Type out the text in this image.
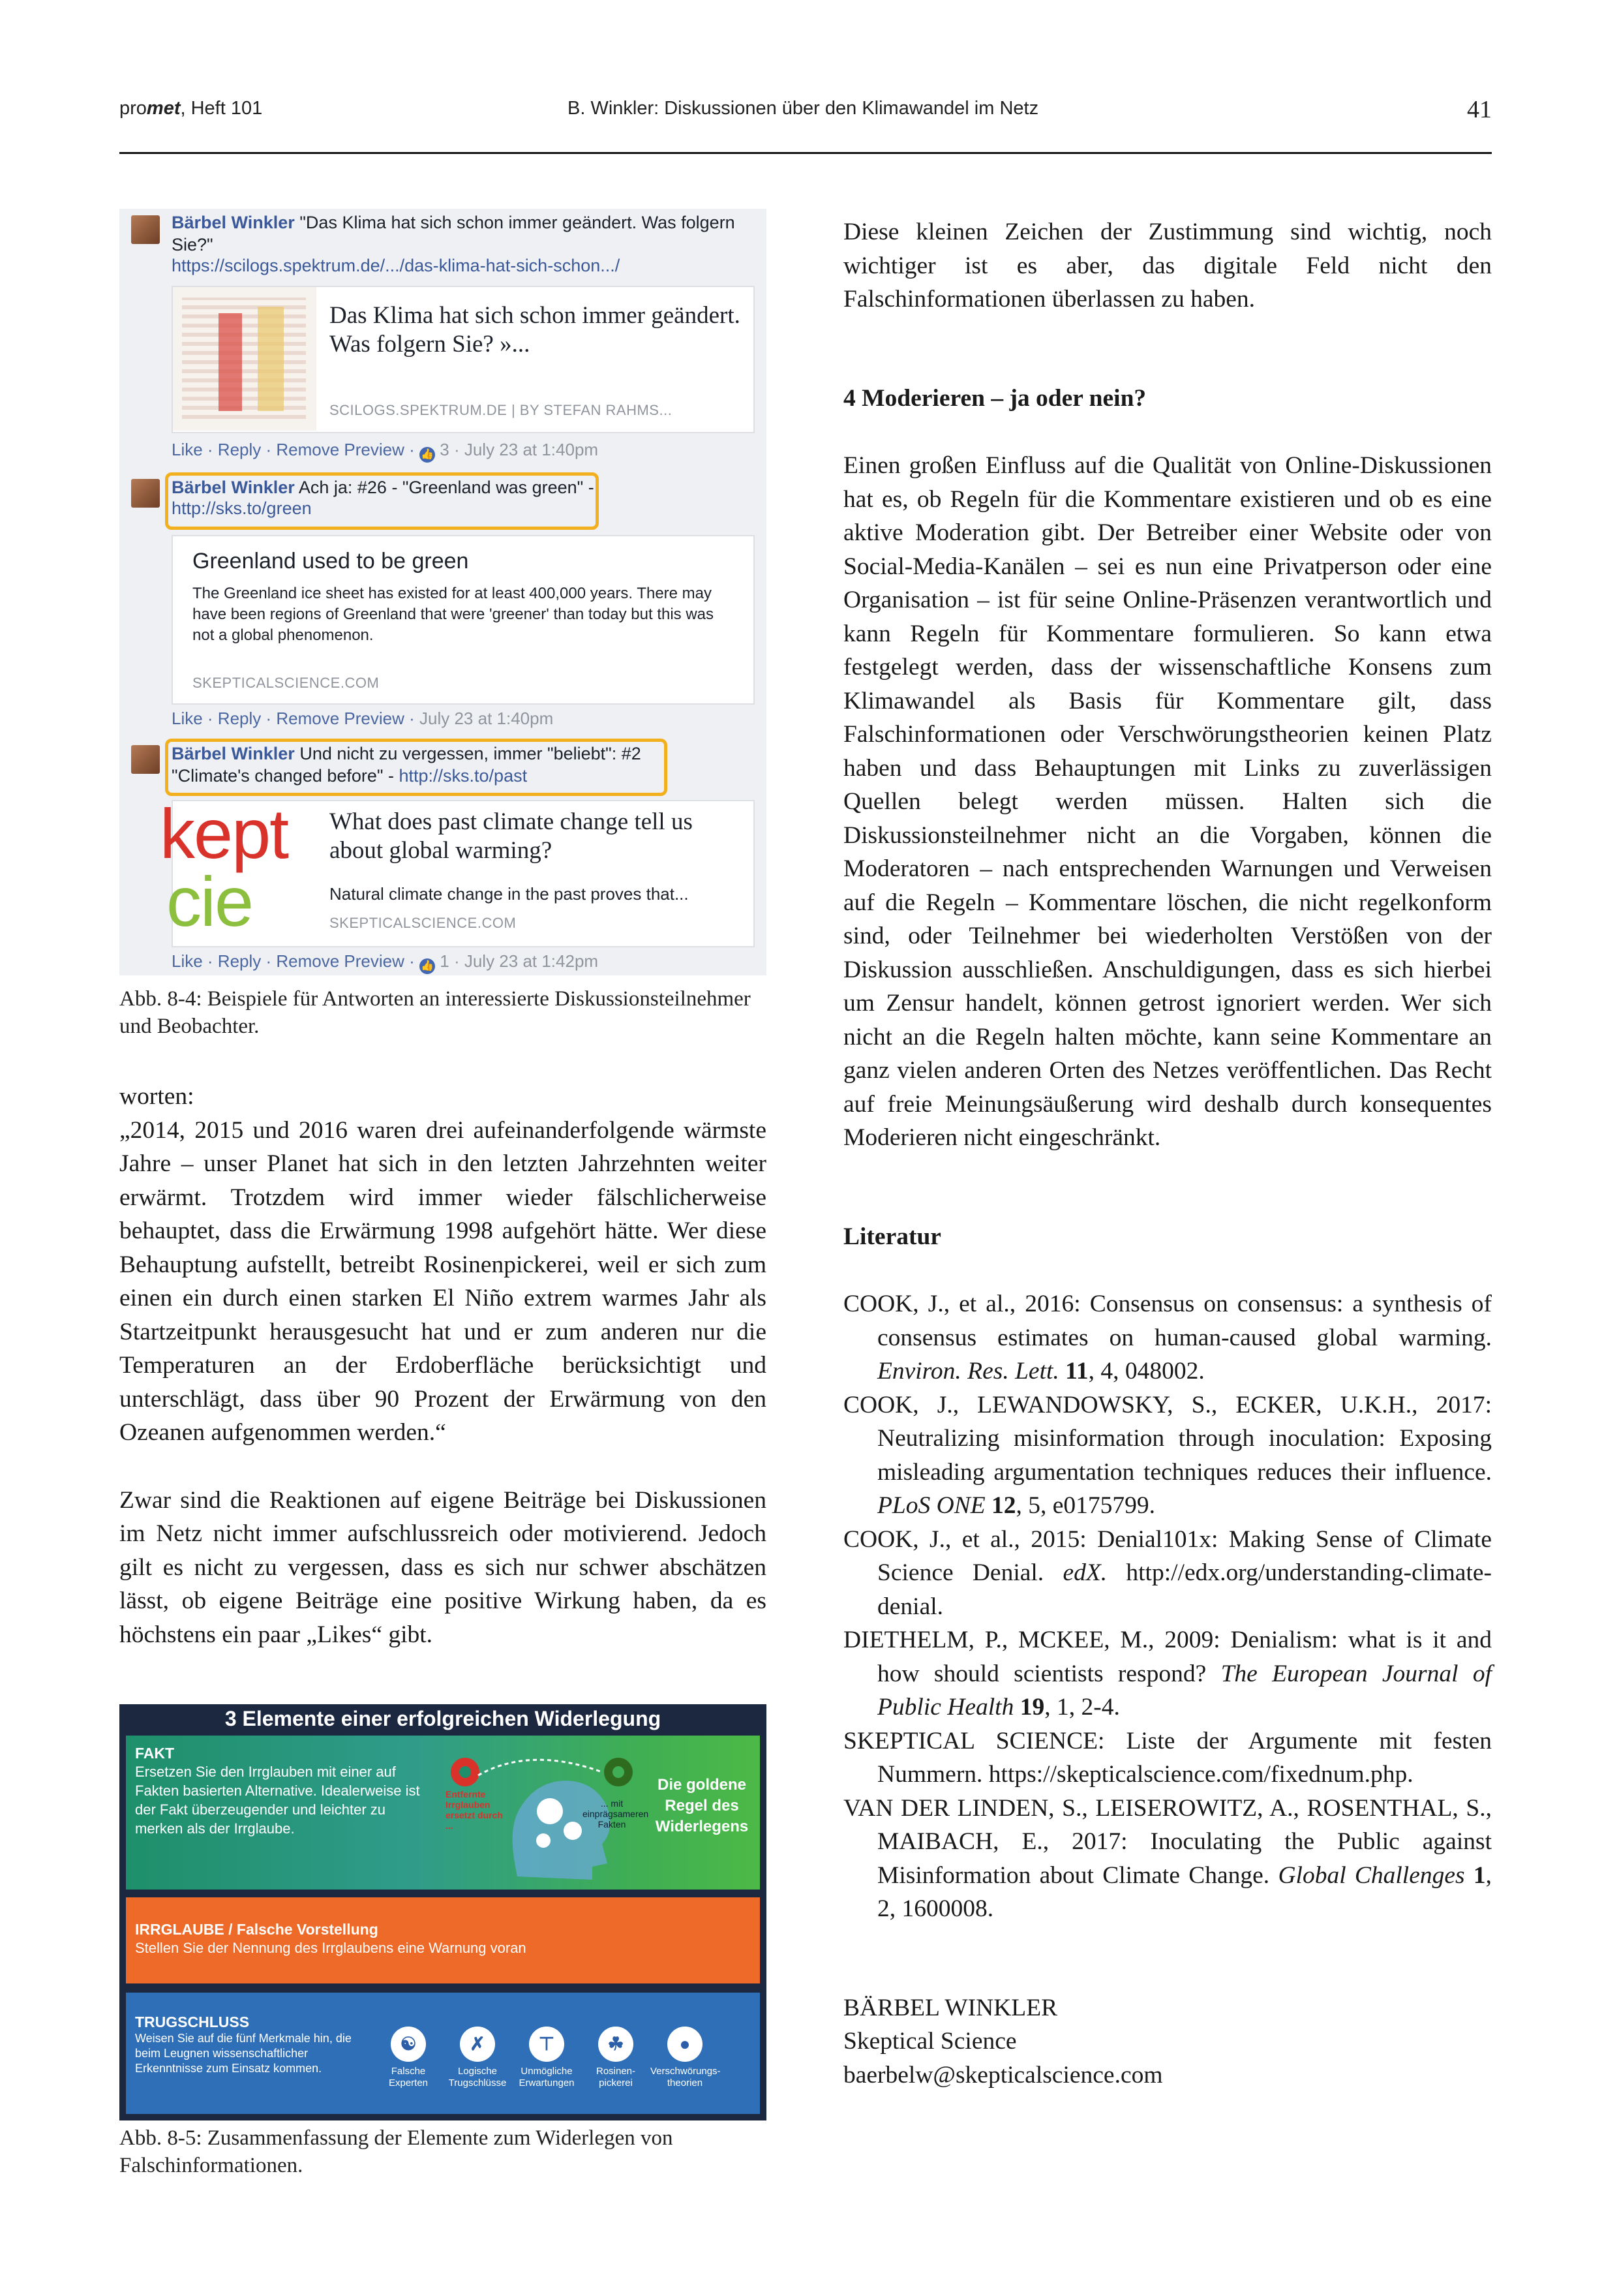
promet, Heft 101	B. Winkler: Diskussionen über den Klimawandel im Netz	41
Bärbel Winkler "Das Klima hat sich schon immer geändert. Was folgern Sie?"
https://scilogs.spektrum.de/.../das-klima-hat-sich-schon.../
Das Klima hat sich schon immer geändert. Was folgern Sie? »...
SCILOGS.SPEKTRUM.DE | BY STEFAN RAHMS...
Like · Reply · Remove Preview · 👍 3 · July 23 at 1:40pm
Bärbel Winkler Ach ja: #26 - "Greenland was green" -
http://sks.to/green
Greenland used to be green
The Greenland ice sheet has existed for at least 400,000 years. There may have been regions of Greenland that were 'greener' than today but this was not a global phenomenon.
SKEPTICALSCIENCE.COM
Like · Reply · Remove Preview · July 23 at 1:40pm
Bärbel Winkler Und nicht zu vergessen, immer "beliebt": #2
"Climate's changed before" - http://sks.to/past
kept
cie
What does past climate change tell us about global warming?
Natural climate change in the past proves that...
SKEPTICALSCIENCE.COM
Like · Reply · Remove Preview · 👍 1 · July 23 at 1:42pm
Abb. 8-4: Beispiele für Antworten an interessierte Diskussionsteilnehmer und Beobachter.

worten:

„2014, 2015 und 2016 waren drei aufeinanderfolgende wärmste Jahre – unser Planet hat sich in den letzten Jahrzehnten weiter erwärmt. Trotzdem wird immer wieder fälschlicherweise behauptet, dass die Erwärmung 1998 aufgehört hätte. Wer diese Behauptung aufstellt, betreibt Rosinenpickerei, weil er sich zum einen ein durch einen starken El Niño extrem warmes Jahr als Startzeitpunkt herausgesucht hat und er zum anderen nur die Temperaturen an der Erdoberfläche berücksichtigt und unterschlägt, dass über 90 Prozent der Erwärmung von den Ozeanen aufgenommen werden.“

Zwar sind die Reaktionen auf eigene Beiträge bei Diskussionen im Netz nicht immer aufschlussreich oder motivierend. Jedoch gilt es nicht zu vergessen, dass es sich nur schwer abschätzen lässt, ob eigene Beiträge eine positive Wirkung haben, da es höchstens ein paar „Likes“ gibt.

3 Elemente einer erfolgreichen Widerlegung
FAKT
Ersetzen Sie den Irrglauben mit einer auf Fakten basierten Alternative. Idealerweise ist der Fakt überzeugender und leichter zu merken als der Irrglaube.
Entfernte Irrglauben ersetzt durch ...
... mit einprägsameren Fakten
Die goldene Regel des Widerlegens
IRRGLAUBE / Falsche Vorstellung
Stellen Sie der Nennung des Irrglaubens eine Warnung voran
TRUGSCHLUSS
Weisen Sie auf die fünf Merkmale hin, die beim Leugnen wissenschaftlicher Erkenntnisse zum Einsatz kommen.
☯
Falsche Experten
✗
Logische Trugschlüsse
⊤
Unmögliche Erwartungen
☘
Rosinen-pickerei
●
Verschwörungs-theorien
Abb. 8-5: Zusammenfassung der Elemente zum Widerlegen von Falschinformationen.

Diese kleinen Zeichen der Zustimmung sind wichtig, noch wichtiger ist es aber, das digitale Feld nicht den Falschinformationen überlassen zu haben.

4 Moderieren – ja oder nein?

Einen großen Einfluss auf die Qualität von Online-Diskussionen hat es, ob Regeln für die Kommentare existieren und ob es eine aktive Moderation gibt. Der Betreiber einer Website oder von Social-Media-Kanälen – sei es nun eine Privatperson oder eine Organisation – ist für seine Online-Präsenzen verantwortlich und kann Regeln für Kommentare formulieren. So kann etwa festgelegt werden, dass der wissenschaftliche Konsens zum Klimawandel als Basis für Kommentare gilt, dass Falschinformationen oder Verschwörungstheorien keinen Platz haben und dass Behauptungen mit Links zu zuverlässigen Quellen belegt werden müssen. Halten sich die Diskussionsteilnehmer nicht an die Vorgaben, können die Moderatoren – nach entsprechenden Warnungen und Verweisen auf die Regeln – Kommentare löschen, die nicht regelkonform sind, oder Teilnehmer bei wiederholten Verstößen von der Diskussion ausschließen. Anschuldigungen, dass es sich hierbei um Zensur handelt, können getrost ignoriert werden. Wer sich nicht an die Regeln halten möchte, kann seine Kommentare an ganz vielen anderen Orten des Netzes veröffentlichen. Das Recht auf freie Meinungsäußerung wird deshalb durch konsequentes Moderieren nicht eingeschränkt.

Literatur

COOK, J., et al., 2016: Consensus on consensus: a synthesis of consensus estimates on human-caused global warming. Environ. Res. Lett. 11, 4, 048002.

COOK, J., LEWANDOWSKY, S., ECKER, U.K.H., 2017: Neutralizing misinformation through inoculation: Exposing misleading argumentation techniques reduces their influence. PLoS ONE 12, 5, e0175799.

COOK, J., et al., 2015: Denial101x: Making Sense of Climate Science Denial. edX. http://edx.org/understanding-climate-denial.

DIETHELM, P., MCKEE, M., 2009: Denialism: what is it and how should scientists respond? The European Journal of Public Health 19, 1, 2-4.

SKEPTICAL SCIENCE: Liste der Argumente mit festen Nummern. https://skepticalscience.com/fixednum.php.

VAN DER LINDEN, S., LEISEROWITZ, A., ROSENTHAL, S., MAIBACH, E., 2017: Inoculating the Public against Misinformation about Climate Change. Global Challenges 1, 2, 1600008.

BÄRBEL WINKLER
Skeptical Science
baerbelw@skepticalscience.com
